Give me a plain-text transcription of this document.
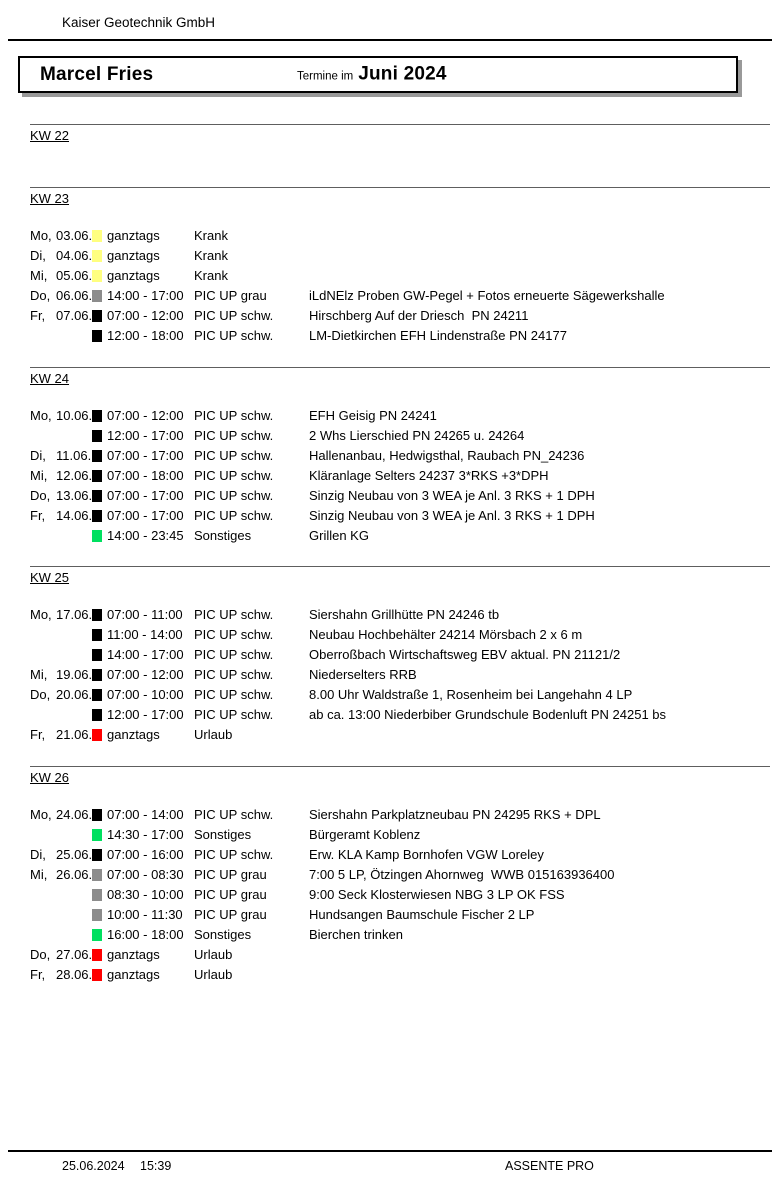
Kaiser Geotechnik GmbH
Marcel Fries	Termine im Juni 2024
KW 22
KW 23
Mo, 03.06. ganztags	Krank
Di, 04.06. ganztags	Krank
Mi, 05.06. ganztags	Krank
Do, 06.06. 14:00 - 17:00 PIC UP grau	iLdNElz Proben GW-Pegel + Fotos erneuerte Sägewerkshalle
Fr, 07.06. 07:00 - 12:00 PIC UP schw.	Hirschberg Auf der Driesch  PN 24211
12:00 - 18:00 PIC UP schw.	LM-Dietkirchen EFH Lindenstraße PN 24177
KW 24
Mo, 10.06. 07:00 - 12:00 PIC UP schw.	EFH Geisig PN 24241
12:00 - 17:00 PIC UP schw.	2 Whs Lierschied PN 24265 u. 24264
Di, 11.06. 07:00 - 17:00 PIC UP schw.	Hallenanbau, Hedwigsthal, Raubach PN_24236
Mi, 12.06. 07:00 - 18:00 PIC UP schw.	Kläranlage Selters 24237 3*RKS +3*DPH
Do, 13.06. 07:00 - 17:00 PIC UP schw.	Sinzig Neubau von 3 WEA je Anl. 3 RKS + 1 DPH
Fr, 14.06. 07:00 - 17:00 PIC UP schw.	Sinzig Neubau von 3 WEA je Anl. 3 RKS + 1 DPH
14:00 - 23:45 Sonstiges	Grillen KG
KW 25
Mo, 17.06. 07:00 - 11:00 PIC UP schw.	Siershahn Grillhütte PN 24246 tb
11:00 - 14:00 PIC UP schw.	Neubau Hochbehälter 24214 Mörsbach 2 x 6 m
14:00 - 17:00 PIC UP schw.	Oberroßbach Wirtschaftsweg EBV aktual. PN 21121/2
Mi, 19.06. 07:00 - 12:00 PIC UP schw.	Niederselters RRB
Do, 20.06. 07:00 - 10:00 PIC UP schw.	8.00 Uhr Waldstraße 1, Rosenheim bei Langehahn 4 LP
12:00 - 17:00 PIC UP schw.	ab ca. 13:00 Niederbiber Grundschule Bodenluft PN 24251 bs
Fr, 21.06. ganztags	Urlaub
KW 26
Mo, 24.06. 07:00 - 14:00 PIC UP schw.	Siershahn Parkplatzneubau PN 24295 RKS + DPL
14:30 - 17:00 Sonstiges	Bürgeramt Koblenz
Di, 25.06. 07:00 - 16:00 PIC UP schw.	Erw. KLA Kamp Bornhofen VGW Loreley
Mi, 26.06. 07:00 - 08:30 PIC UP grau	7:00 5 LP, Ötzingen Ahornweg  WWB 015163936400
08:30 - 10:00 PIC UP grau	9:00 Seck Klosterwiesen NBG 3 LP OK FSS
10:00 - 11:30 PIC UP grau	Hundsangen Baumschule Fischer 2 LP
16:00 - 18:00 Sonstiges	Bierchen trinken
Do, 27.06. ganztags	Urlaub
Fr, 28.06. ganztags	Urlaub
25.06.2024 15:39	ASSENTE PRO
